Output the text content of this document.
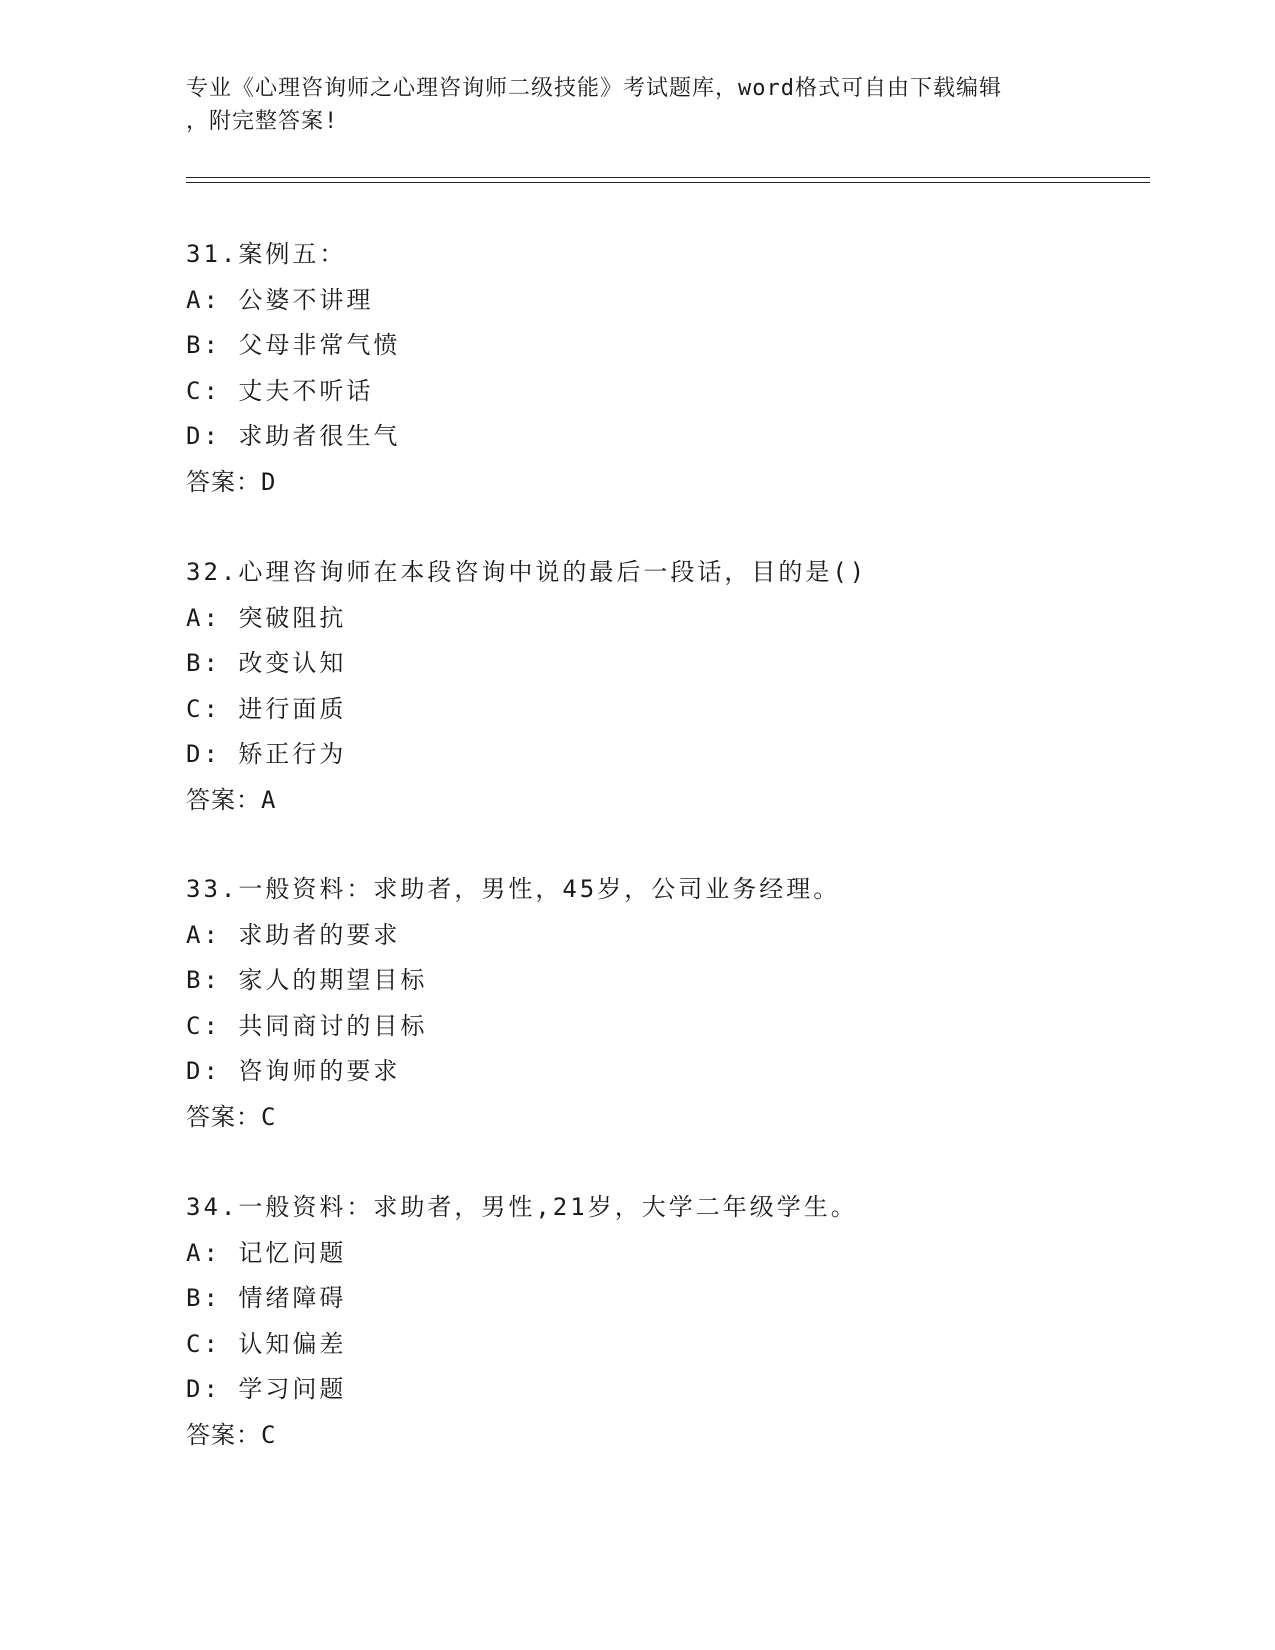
专业《心理咨询师之心理咨询师二级技能》考试题库，word格式可自由下载编辑
，附完整答案!
31.案例五：
A: 公婆不讲理
B: 父母非常气愤
C: 丈夫不听话
D: 求助者很生气
答案：D
32.心理咨询师在本段咨询中说的最后一段话，目的是()
A: 突破阻抗
B: 改变认知
C: 进行面质
D: 矫正行为
答案：A
33.一般资料：求助者，男性，45岁，公司业务经理。
A: 求助者的要求
B: 家人的期望目标
C: 共同商讨的目标
D: 咨询师的要求
答案：C
34.一般资料：求助者，男性,21岁，大学二年级学生。
A: 记忆问题
B: 情绪障碍
C: 认知偏差
D: 学习问题
答案：C
